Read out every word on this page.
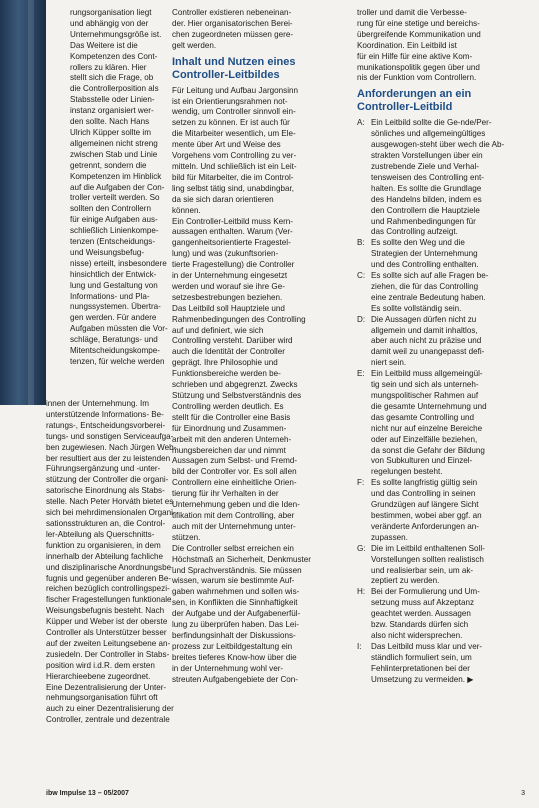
rungsorganisation liegt

und abhängig von der

Unternehmungsgröße ist.

Das Weitere ist die

Kompetenzen des Cont-

rollers zu klären. Hier

stellt sich die Frage, ob

die Controllerposition als

Stabsstelle oder Linien-

instanz organisiert wer-

den sollte. Nach Hans

Ulrich Küpper sollte im

allgemeinen nicht streng

zwischen Stab und Linie

getrennt, sondern die

Kompetenzen im Hinblick

auf die Aufgaben der Con-

troller verteilt werden. So

sollten den Controllern

für einige Aufgaben aus-

schließlich Linienkompe-

tenzen (Entscheidungs-

und Weisungsbefug-

nisse) erteilt, insbesondere

hinsichtlich der Entwick-

lung und Gestaltung von

Informations- und Pla-

nungssystemen. Übertra-

gen werden. Für andere

Aufgaben müssten die Vor-

schläge, Beratungs- und

Mitentscheidungskompe-

tenzen, für welche werden

innen der Unternehmung. Im

unterstützende Informations- Be-

ratungs-, Entscheidungsvorberei-

tungs- und sonstigen Serviceaufga-

ben zugewiesen. Nach Jürgen Web-

ber resultiert aus der zu leistenden

Führungsergänzung und -unter-

stützung der Controller die organi-

satorische Einordnung als Stabs-

stelle. Nach Peter Horváth bietet es

sich bei mehrdimensionalen Organi-

sationsstrukturen an, die Control-

ler-Abteilung als Querschnitts-

funktion zu organisieren, in dem

innerhalb der Abteilung fachliche

und disziplinarische Anordnungsbe-

fugnis und gegenüber anderen Be-

reichen bezüglich controllingspezi-

fischer Fragestellungen funktionale

Weisungsbefugnis besteht. Nach

Küpper und Weber ist der oberste

Controller als Unterstützer besser

auf der zweiten Leitungsebene an-

zusiedeln. Der Controller in Stabs-

position wird i.d.R. dem ersten

Hierarchieebene zugeordnet.

Eine Dezentralisierung der Unter-

nehmungsorganisation führt oft

auch zu einer Dezentralisierung der

Controller, zentrale und dezentrale

Controller existieren nebeneinan-

der. Hier organisatorischen Berei-

chen zugeordneten müssen gere-

gelt werden.

Inhalt und Nutzen eines Controller-Leitbildes

Für Leitung und Aufbau Jargonsinn

ist ein Orientierungsrahmen not-

wendig, um Controller sinnvoll ein-

setzen zu können. Er ist auch für

die Mitarbeiter wesentlich, um Ele-

mente über Art und Weise des

Vorgehens vom Controlling zu ver-

mitteln. Und schließlich ist ein Leit-

bild für Mitarbeiter, die im Control-

ling selbst tätig sind, unabdingbar,

da sie sich daran orientieren

können.

Ein Controller-Leitbild muss Kern-

aussagen enthalten. Warum (Ver-

gangenheitsorientierte Fragestel-

lung) und was (zukunftsorien-

tierte Fragestellung) die Controller

in der Unternehmung eingesetzt

werden und worauf sie ihre Ge-

setzesbestrebungen beziehen.

Das Leitbild soll Hauptziele und

Rahmenbedingungen des Controlling

auf und definiert, wie sich

Controlling versteht. Darüber wird

auch die Identität der Controller

geprägt. Ihre Philosophie und

Funktionsbereiche werden be-

schrieben und abgegrenzt. Zwecks

Stützung und Selbstverständnis des

Controlling werden deutlich. Es

stellt für die Controller eine Basis

für Einordnung und Zusammen-

arbeit mit den anderen Unterneh-

mungsbereichen dar und nimmt

Aussagen zum Selbst- und Fremd-

bild der Controller vor. Es soll allen

Controllern eine einheitliche Orien-

tierung für ihr Verhalten in der

Unternehmung geben und die Iden-

tifikation mit dem Controlling, aber

auch mit der Unternehmung unter-

stützen.

Die Controller selbst erreichen ein

Höchstmaß an Sicherheit, Denkmuster

und Sprachverständnis. Sie müssen

wissen, warum sie bestimmte Auf-

gaben wahrnehmen und sollen wis-

sen, in Konflikten die Sinnhaftigkeit

der Aufgabe und der Aufgabenerfül-

lung zu überprüfen haben. Das Lei-

berfindungsinhalt der Diskussions-

prozess zur Leitbildgestaltung ein

breites tieferes Know-how über die

in der Unternehmung wohl ver-

streuten Aufgabengebiete der Con-

troller und damit die Verbesse-

rung für eine stetige und bereichs-

übergreifende Kommunikation und

Koordination. Ein Leitbild ist

für ein Hilfe für eine aktive Kom-

munikationspolitik gegen über und

nis der Funktion vom Controllern.

Anforderungen an ein Controller-Leitbild
A: Ein Leitbild sollte die Ge-nde/Per-

sönliches und allgemeingültiges

ausgewogen-steht über wech die Ab-

strakten Vorstellungen über ein

zustrebende Ziele und Verhal-

tensweisen des Controlling ent-

halten. Es sollte die Grundlage

des Handelns bilden, indem es

den Controllern die Hauptziele

und Rahmenbedingungen für

das Controlling aufzeigt.

B: Es sollte den Weg und die

Strategien der Unternehmung

und des Controlling enthalten.

C: Es sollte sich auf alle Fragen be-

ziehen, die für das Controlling

eine zentrale Bedeutung haben.

Es sollte vollständig sein.

D: Die Aussagen dürfen nicht zu

allgemein und damit inhaltlos,

aber auch nicht zu präzise und

damit weil zu unangepasst defi-

niert sein.

E: Ein Leitbild muss allgemeingül-

tig sein und sich als unterneh-

mungspolitischer Rahmen auf

die gesamte Unternehmung und

das gesamte Controlling und

nicht nur auf einzelne Bereiche

oder auf Einzelfälle beziehen,

da sonst die Gefahr der Bildung

von Subkulturen und Einzel-

regelungen besteht.

F: Es sollte langfristig gültig sein

und das Controlling in seinen

Grundzügen auf längere Sicht

bestimmen, wobei aber ggf. an

veränderte Anforderungen an-

zupassen.

G: Die im Leitbild enthaltenen Soll-

Vorstellungen sollten realistisch

und realisierbar sein, um ak-

zeptiert zu werden.

H: Bei der Formulierung und Um-

setzung muss auf Akzeptanz

geachtet werden. Aussagen

bzw. Standards dürfen sich

also nicht widersprechen.

I: Das Leitbild muss klar und ver-

ständlich formuliert sein, um

Fehlinterpretationen bei der

Umsetzung zu vermeiden. ▶

ibw Impulse 13 – 05/2007	3
